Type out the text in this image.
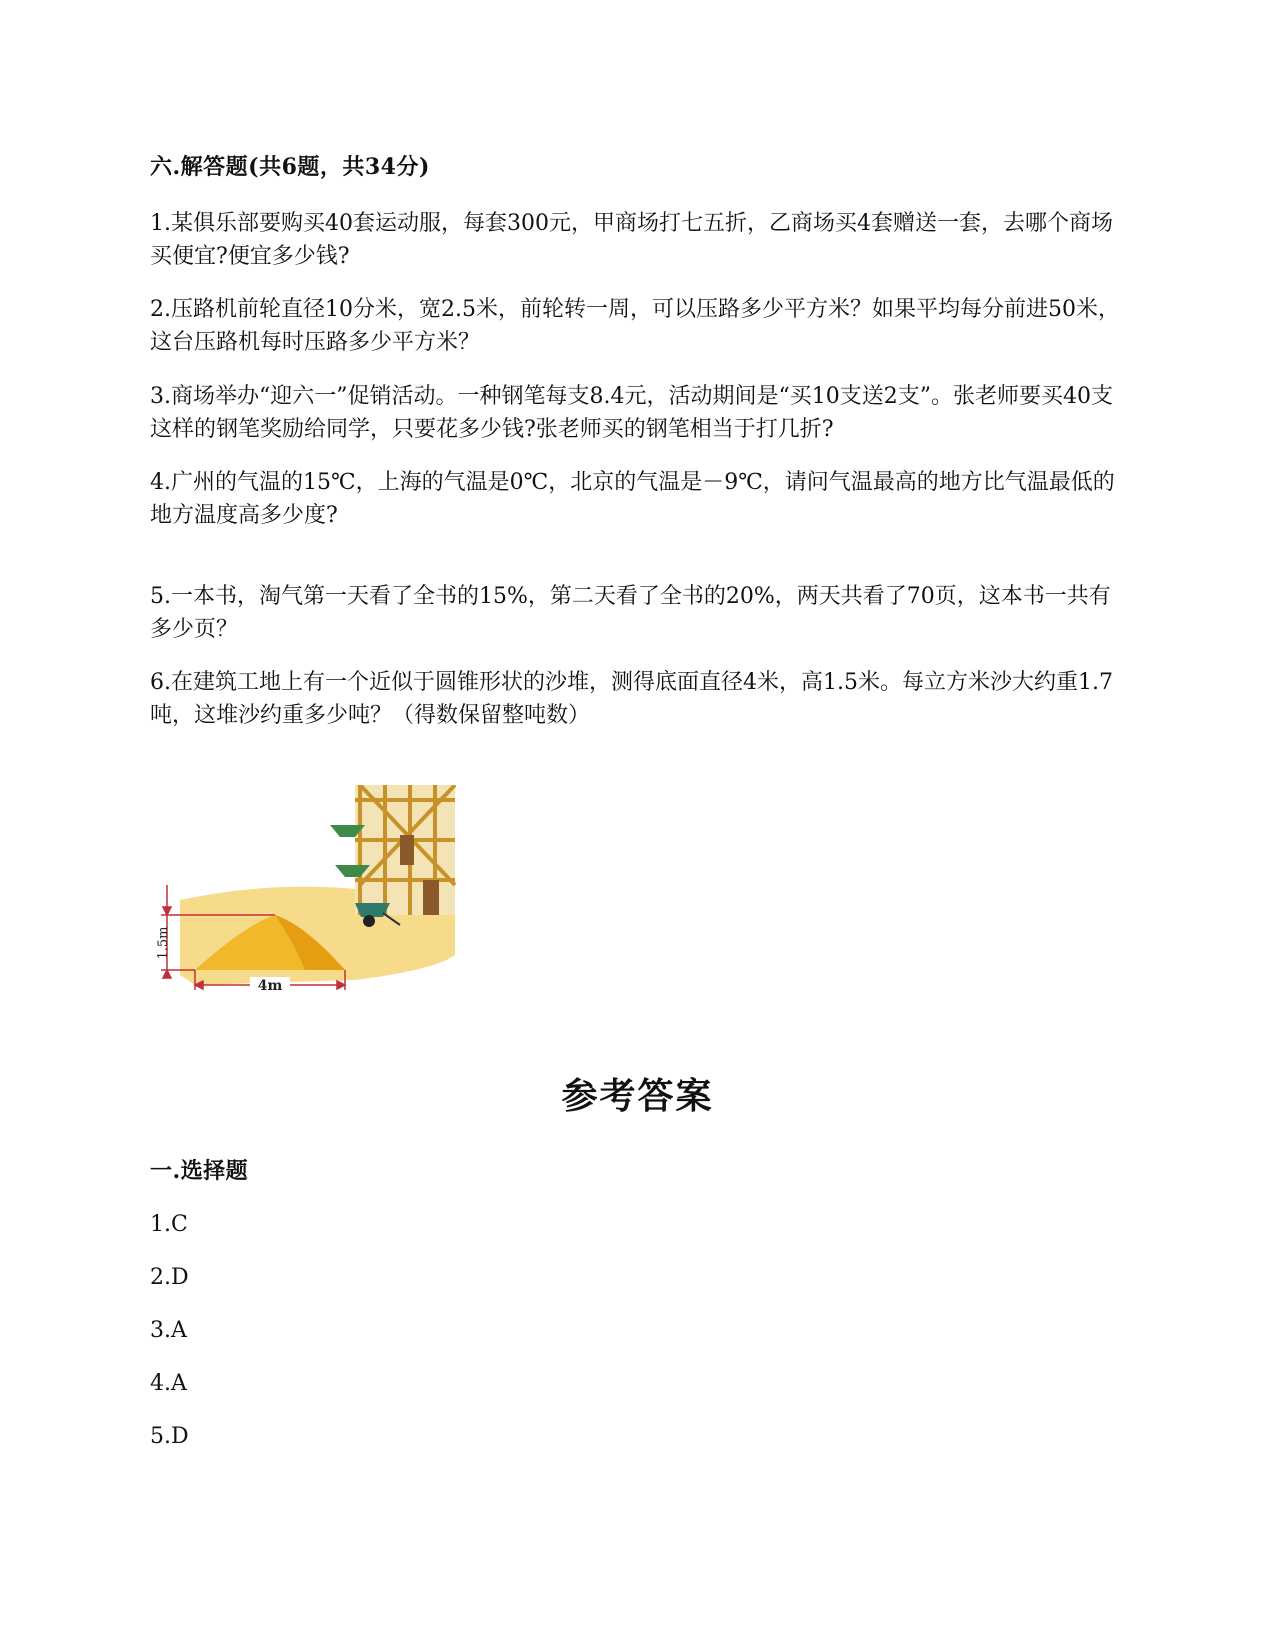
六.解答题(共6题，共34分)

1.某俱乐部要购买40套运动服，每套300元，甲商场打七五折，乙商场买4套赠送一套，去哪个商场买便宜?便宜多少钱?

2.压路机前轮直径10分米，宽2.5米，前轮转一周，可以压路多少平方米？如果平均每分前进50米，这台压路机每时压路多少平方米？

3.商场举办“迎六一”促销活动。一种钢笔每支8.4元，活动期间是“买10支送2支”。张老师要买40支这样的钢笔奖励给同学，只要花多少钱?张老师买的钢笔相当于打几折?

4.广州的气温的15℃，上海的气温是0℃，北京的气温是－9℃，请问气温最高的地方比气温最低的地方温度高多少度?

5.一本书，淘气第一天看了全书的15%，第二天看了全书的20%，两天共看了70页，这本书一共有多少页？

6.在建筑工地上有一个近似于圆锥形状的沙堆，测得底面直径4米，高1.5米。每立方米沙大约重1.7吨，这堆沙约重多少吨？（得数保留整吨数）

1.5m
4m
参考答案
一.选择题

1.C

2.D

3.A

4.A

5.D
